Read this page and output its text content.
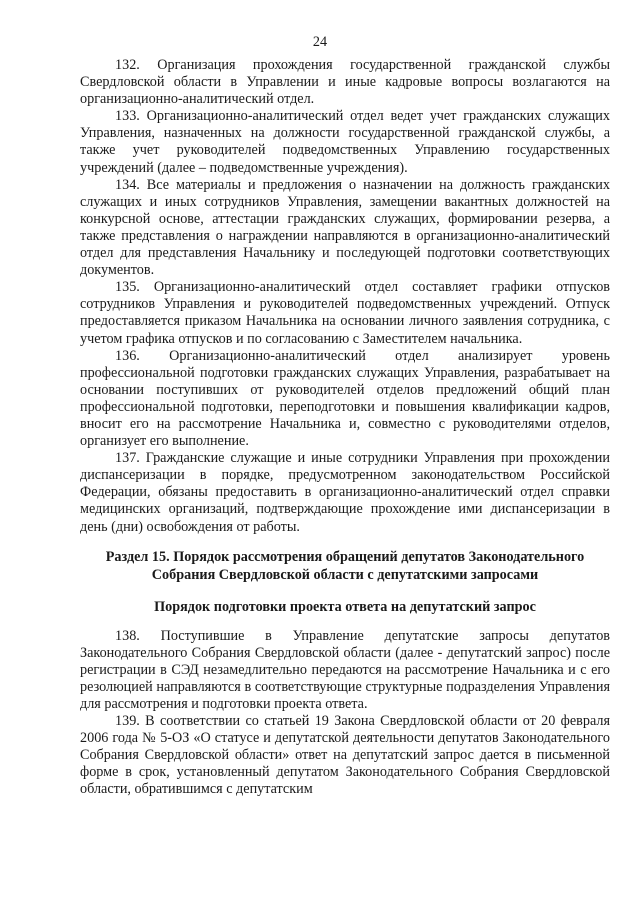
24

132. Организация прохождения государственной гражданской службы Свердловской области в Управлении и иные кадровые вопросы возлагаются на организационно-аналитический отдел.

133. Организационно-аналитический отдел ведет учет гражданских служащих Управления, назначенных на должности государственной гражданской службы, а также учет руководителей подведомственных Управлению государственных учреждений (далее – подведомственные учреждения).

134. Все материалы и предложения о назначении на должность гражданских служащих и иных сотрудников Управления, замещении вакантных должностей на конкурсной основе, аттестации гражданских служащих, формировании резерва, а также представления о награждении направляются в организационно-аналитический отдел для представления Начальнику и последующей подготовки соответствующих документов.

135. Организационно-аналитический отдел составляет графики отпусков сотрудников Управления и руководителей подведомственных учреждений. Отпуск предоставляется приказом Начальника на основании личного заявления сотрудника, с учетом графика отпусков и по согласованию с Заместителем начальника.

136. Организационно-аналитический отдел анализирует уровень профессиональной подготовки гражданских служащих Управления, разрабатывает на основании поступивших от руководителей отделов предложений общий план профессиональной подготовки, переподготовки и повышения квалификации кадров, вносит его на рассмотрение Начальника и, совместно с руководителями отделов, организует его выполнение.

137. Гражданские служащие и иные сотрудники Управления при прохождении диспансеризации в порядке, предусмотренном законодательством Российской Федерации, обязаны предоставить в организационно-аналитический отдел справки медицинских организаций, подтверждающие прохождение ими диспансеризации в день (дни) освобождения от работы.

Раздел 15. Порядок рассмотрения обращений депутатов Законодательного Собрания Свердловской области с депутатскими запросами
Порядок подготовки проекта ответа на депутатский запрос

138. Поступившие в Управление депутатские запросы депутатов Законодательного Собрания Свердловской области (далее - депутатский запрос) после регистрации в СЭД незамедлительно передаются на рассмотрение Начальника и с его резолюцией направляются в соответствующие структурные подразделения Управления для рассмотрения и подготовки проекта ответа.

139. В соответствии со статьей 19 Закона Свердловской области от 20 февраля 2006 года № 5-ОЗ «О статусе и депутатской деятельности депутатов Законодательного Собрания Свердловской области» ответ на депутатский запрос дается в письменной форме в срок, установленный депутатом Законодательного Собрания Свердловской области, обратившимся с депутатским
